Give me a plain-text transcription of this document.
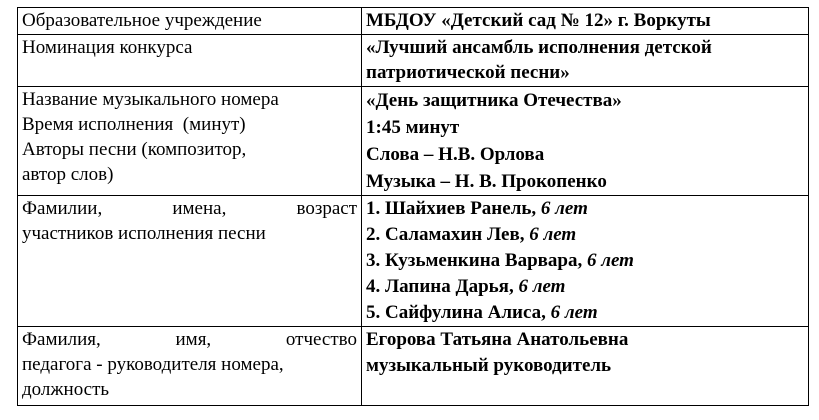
Образовательное учреждение	МБДОУ «Детский сад № 12» г. Воркуты

Номинация конкурса	«Лучший ансамбль исполнения детской
патриотической песни»

Название музыкального номера
Время исполнения  (минут)
Авторы песни (композитор,
автор слов)	«День защитника Отечества»
1:45 минут
Слова – Н.В. Орлова
Музыка – Н. В. Прокопенко

Фамилии, имена, возраст
участников исполнения песни	1. Шайхиев Ранель, 6 лет
2. Саламахин Лев, 6 лет
3. Кузьменкина Варвара, 6 лет
4. Лапина Дарья, 6 лет
5. Сайфулина Алиса, 6 лет

Фамилия, имя, отчество
педагога - руководителя номера,
должность	Егорова Татьяна Анатольевна
музыкальный руководитель
